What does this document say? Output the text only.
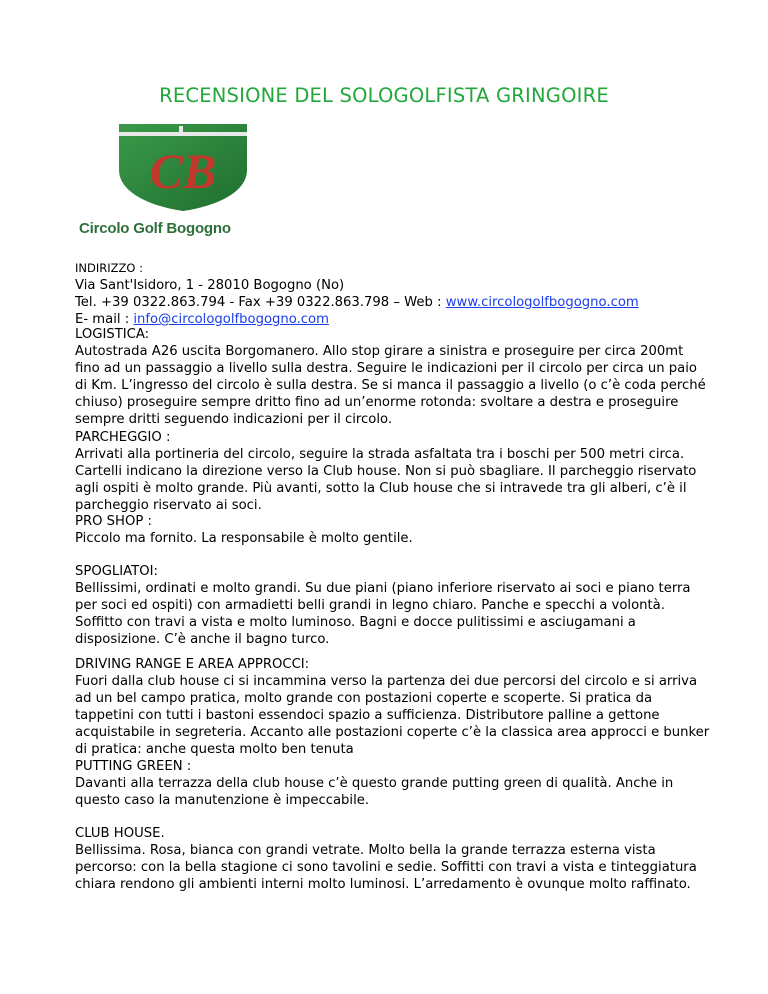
RECENSIONE DEL SOLOGOLFISTA GRINGOIRE
CB
Circolo Golf Bogogno
INDIRIZZO :
Via Sant'Isidoro, 1 - 28010 Bogogno (No)
Tel. +39 0322.863.794 - Fax +39 0322.863.798 – Web : www.circologolfbogogno.com
E- mail : info@circologolfbogogno.com
LOGISTICA:
Autostrada A26 uscita Borgomanero. Allo stop girare a sinistra e proseguire per circa 200mt
fino ad un passaggio a livello sulla destra. Seguire le indicazioni per il circolo per circa un paio
di Km. L’ingresso del circolo è sulla destra. Se si manca il passaggio a livello (o c’è coda perché
chiuso) proseguire sempre dritto fino ad un’enorme rotonda: svoltare a destra e proseguire
sempre dritti seguendo indicazioni per il circolo.
PARCHEGGIO :
Arrivati alla portineria del circolo, seguire la strada asfaltata tra i boschi per 500 metri circa.
Cartelli indicano la direzione verso la Club house. Non si può sbagliare. Il parcheggio riservato
agli ospiti è molto grande. Più avanti, sotto la Club house che si intravede tra gli alberi, c’è il
parcheggio riservato ai soci.
PRO SHOP :
Piccolo ma fornito. La responsabile è molto gentile.
SPOGLIATOI:
Bellissimi, ordinati e molto grandi. Su due piani (piano inferiore riservato ai soci e piano terra
per soci ed ospiti) con armadietti belli grandi in legno chiaro. Panche e specchi a volontà.
Soffitto con travi a vista e molto luminoso. Bagni e docce pulitissimi e asciugamani a
disposizione. C’è anche il bagno turco.
DRIVING RANGE E AREA APPROCCI:
Fuori dalla club house ci si incammina verso la partenza dei due percorsi del circolo e si arriva
ad un bel campo pratica, molto grande con postazioni coperte e scoperte. Si pratica da
tappetini con tutti i bastoni essendoci spazio a sufficienza. Distributore palline a gettone
acquistabile in segreteria. Accanto alle postazioni coperte c’è la classica area approcci e bunker
di pratica: anche questa molto ben tenuta
PUTTING GREEN :
Davanti alla terrazza della club house c’è questo grande putting green di qualità. Anche in
questo caso la manutenzione è impeccabile.
CLUB HOUSE.
Bellissima. Rosa, bianca con grandi vetrate. Molto bella la grande terrazza esterna vista
percorso: con la bella stagione ci sono tavolini e sedie. Soffitti con travi a vista e tinteggiatura
chiara rendono gli ambienti interni molto luminosi. L’arredamento è ovunque molto raffinato.
